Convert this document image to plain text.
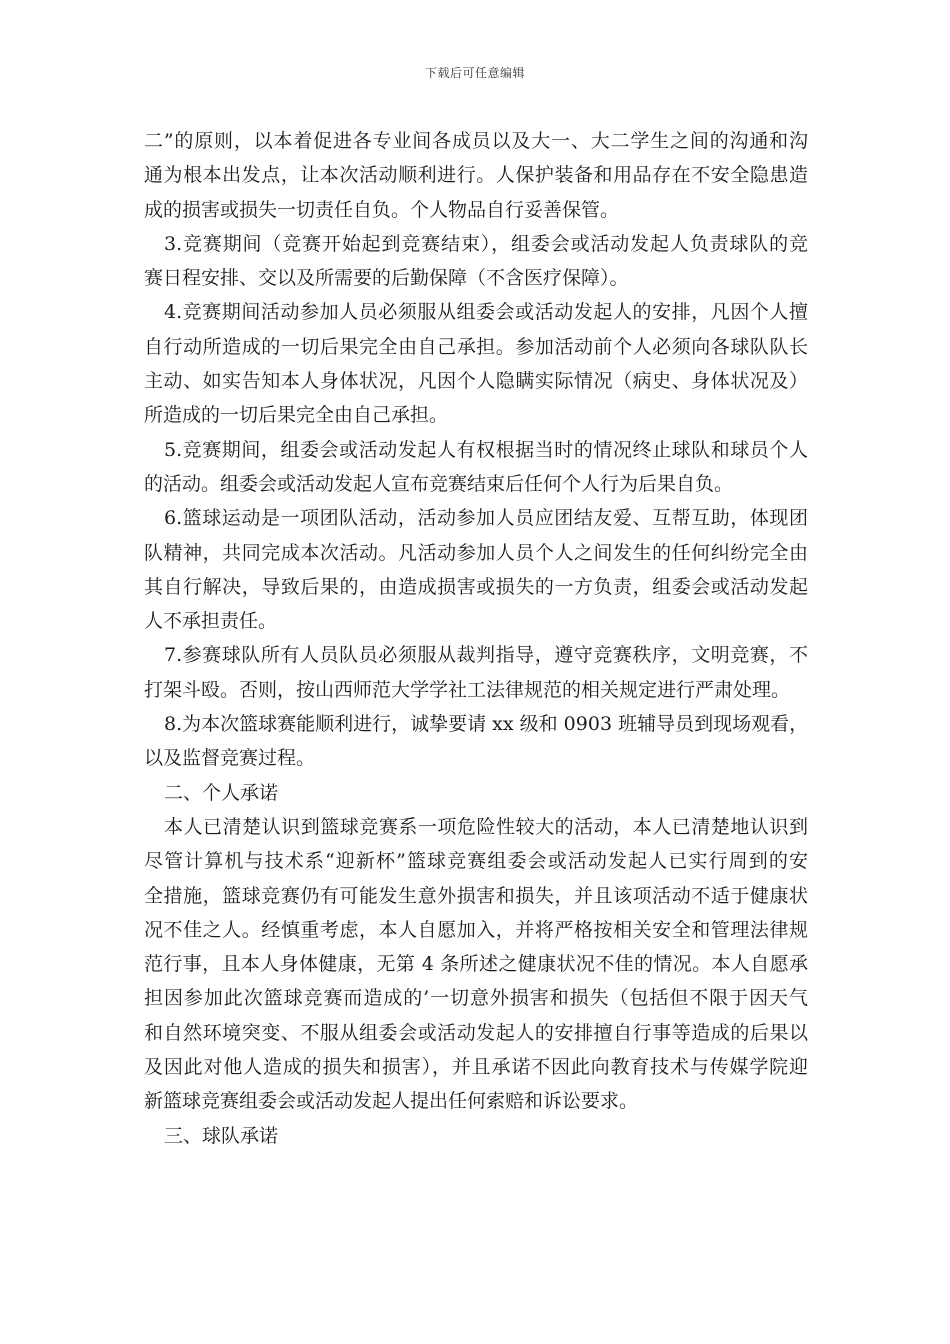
下载后可任意编辑
二”的原则，以本着促进各专业间各成员以及大一、大二学生之间的沟通和沟
通为根本出发点，让本次活动顺利进行。人保护装备和用品存在不安全隐患造
成的损害或损失一切责任自负。个人物品自行妥善保管。
3.竞赛期间（竞赛开始起到竞赛结束），组委会或活动发起人负责球队的竞
赛日程安排、交以及所需要的后勤保障（不含医疗保障）。
4.竞赛期间活动参加人员必须服从组委会或活动发起人的安排，凡因个人擅
自行动所造成的一切后果完全由自己承担。参加活动前个人必须向各球队队长
主动、如实告知本人身体状况，凡因个人隐瞒实际情况（病史、身体状况及）
所造成的一切后果完全由自己承担。
5.竞赛期间，组委会或活动发起人有权根据当时的情况终止球队和球员个人
的活动。组委会或活动发起人宣布竞赛结束后任何个人行为后果自负。
6.篮球运动是一项团队活动，活动参加人员应团结友爱、互帮互助，体现团
队精神，共同完成本次活动。凡活动参加人员个人之间发生的任何纠纷完全由
其自行解决，导致后果的，由造成损害或损失的一方负责，组委会或活动发起
人不承担责任。
7.参赛球队所有人员队员必须服从裁判指导，遵守竞赛秩序，文明竞赛，不
打架斗殴。否则，按山西师范大学学社工法律规范的相关规定进行严肃处理。
8.为本次篮球赛能顺利进行，诚挚要请 xx 级和 0903 班辅导员到现场观看，
以及监督竞赛过程。
二、个人承诺
本人已清楚认识到篮球竞赛系一项危险性较大的活动，本人已清楚地认识到
尽管计算机与技术系“迎新杯”篮球竞赛组委会或活动发起人已实行周到的安
全措施，篮球竞赛仍有可能发生意外损害和损失，并且该项活动不适于健康状
况不佳之人。经慎重考虑，本人自愿加入，并将严格按相关安全和管理法律规
范行事，且本人身体健康，无第 4 条所述之健康状况不佳的情况。本人自愿承
担因参加此次篮球竞赛而造成的’一切意外损害和损失（包括但不限于因天气
和自然环境突变、不服从组委会或活动发起人的安排擅自行事等造成的后果以
及因此对他人造成的损失和损害），并且承诺不因此向教育技术与传媒学院迎
新篮球竞赛组委会或活动发起人提出任何索赔和诉讼要求。
三、球队承诺
